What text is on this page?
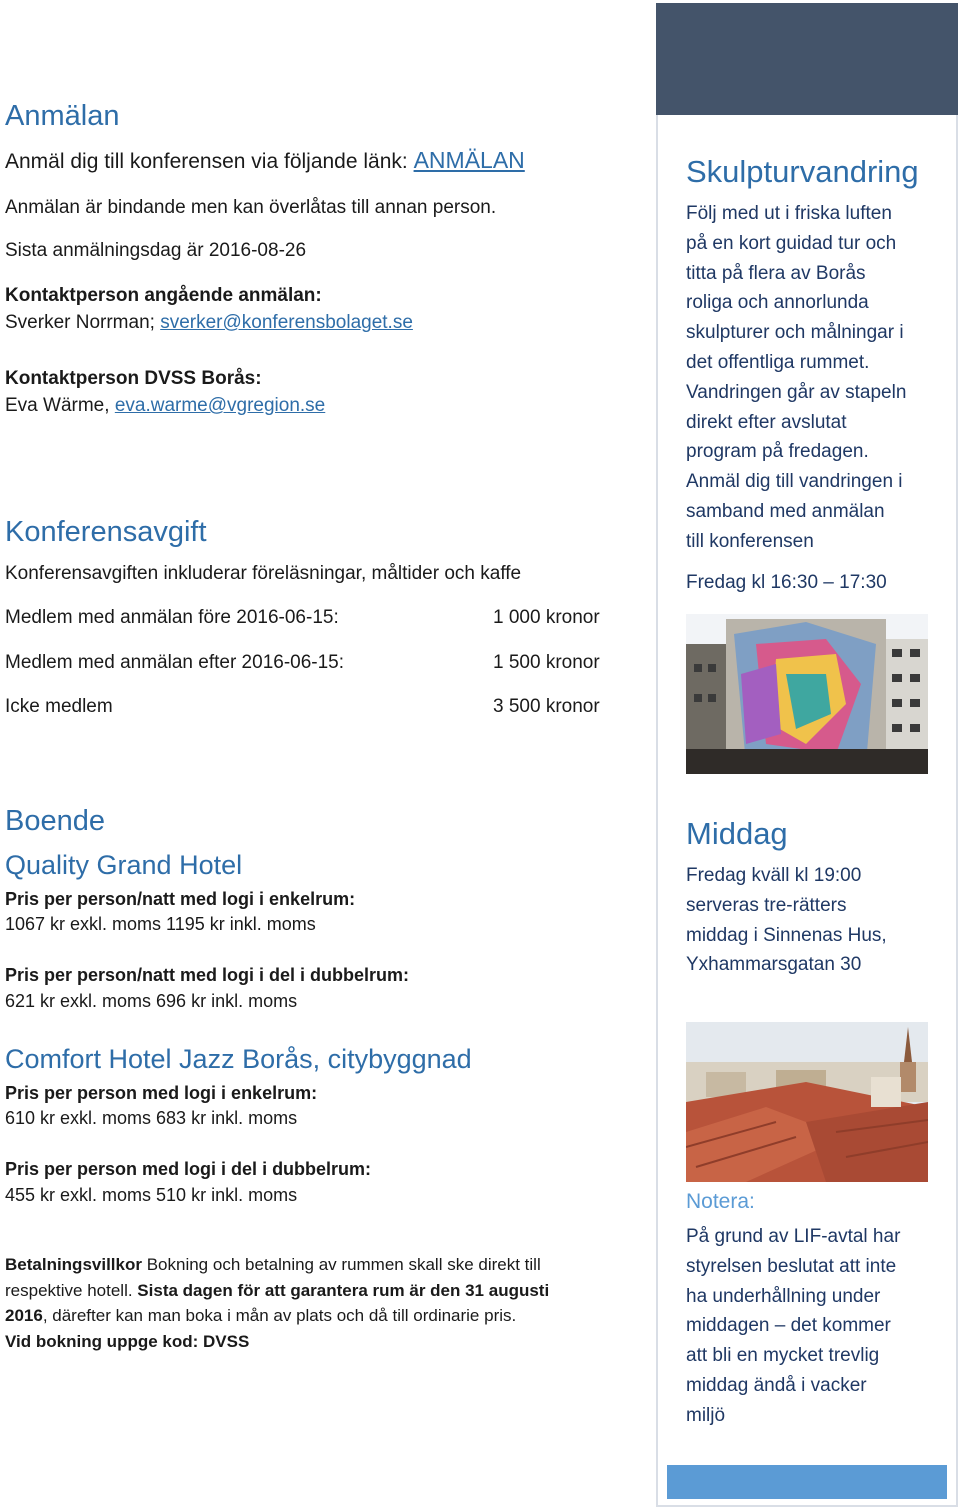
Anmälan
Anmäl dig till konferensen via följande länk: ANMÄLAN
Anmälan är bindande men kan överlåtas till annan person.
Sista anmälningsdag är 2016-08-26
Kontaktperson angående anmälan:
Sverker Norrman; sverker@konferensbolaget.se
Kontaktperson DVSS Borås:
Eva Wärme, eva.warme@vgregion.se
Konferensavgift
Konferensavgiften inkluderar föreläsningar, måltider och kaffe
Medlem med anmälan före 2016-06-15:	1 000 kronor
Medlem med anmälan efter 2016-06-15:	1 500 kronor
Icke medlem	3 500 kronor
Boende
Quality Grand Hotel
Pris per person/natt med logi i enkelrum:
1067 kr exkl. moms 1195 kr inkl. moms
Pris per person/natt med logi i del i dubbelrum:
621 kr exkl. moms 696 kr inkl. moms
Comfort Hotel Jazz Borås, citybyggnad
Pris per person med logi i enkelrum:
610 kr exkl. moms 683 kr inkl. moms
Pris per person med logi i del i dubbelrum:
455 kr exkl. moms 510 kr inkl. moms
Betalningsvillkor Bokning och betalning av rummen skall ske direkt till
respektive hotell. Sista dagen för att garantera rum är den 31 augusti
2016, därefter kan man boka i mån av plats och då till ordinarie pris.
Vid bokning uppge kod: DVSS
Skulpturvandring
Följ med ut i friska luften
på en kort guidad tur och
titta på flera av Borås
roliga och annorlunda
skulpturer och målningar i
det offentliga rummet.
Vandringen går av stapeln
direkt efter avslutat
program på fredagen.
Anmäl dig till vandringen i
samband med anmälan
till konferensen
Fredag kl 16:30 – 17:30
Middag
Fredag kväll kl 19:00
serveras tre-rätters
middag i Sinnenas Hus,
Yxhammarsgatan 30
Notera:
På grund av LIF-avtal har
styrelsen beslutat att inte
ha underhållning under
middagen – det kommer
att bli en mycket trevlig
middag ändå i vacker
miljö
